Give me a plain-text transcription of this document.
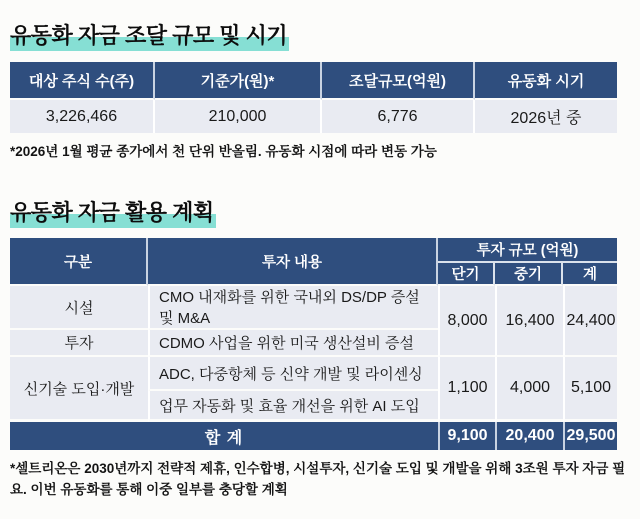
유동화 자금 조달 규모 및 시기
대상 주식 수(주)	기준가(원)*	조달규모(억원)	유동화 시기
3,226,466	210,000	6,776	2026년 중

*2026년 1월 평균 종가에서 천 단위 반올림. 유동화 시점에 따라 변동 가능

유동화 자금 활용 계획
구분	투자 내용	투자 규모 (억원)		
		단기	중기	계
시설	CMO 내재화를 위한 국내외 DS/DP 증설 및 M&A	8,000	16,400	24,400
투자	CDMO 사업을 위한 미국 생산설비 증설			
신기술 도입·개발	ADC, 다중항체 등 신약 개발 및 라이센싱	1,100	4,000	5,100
	업무 자동화 및 효율 개선을 위한 AI 도입			
합 계		9,100	20,400	29,500

*셀트리온은 2030년까지 전략적 제휴, 인수합병, 시설투자, 신기술 도입 및 개발을 위해 3조원 투자 자금 필요. 이번 유동화를 통해 이중 일부를 충당할 계획
